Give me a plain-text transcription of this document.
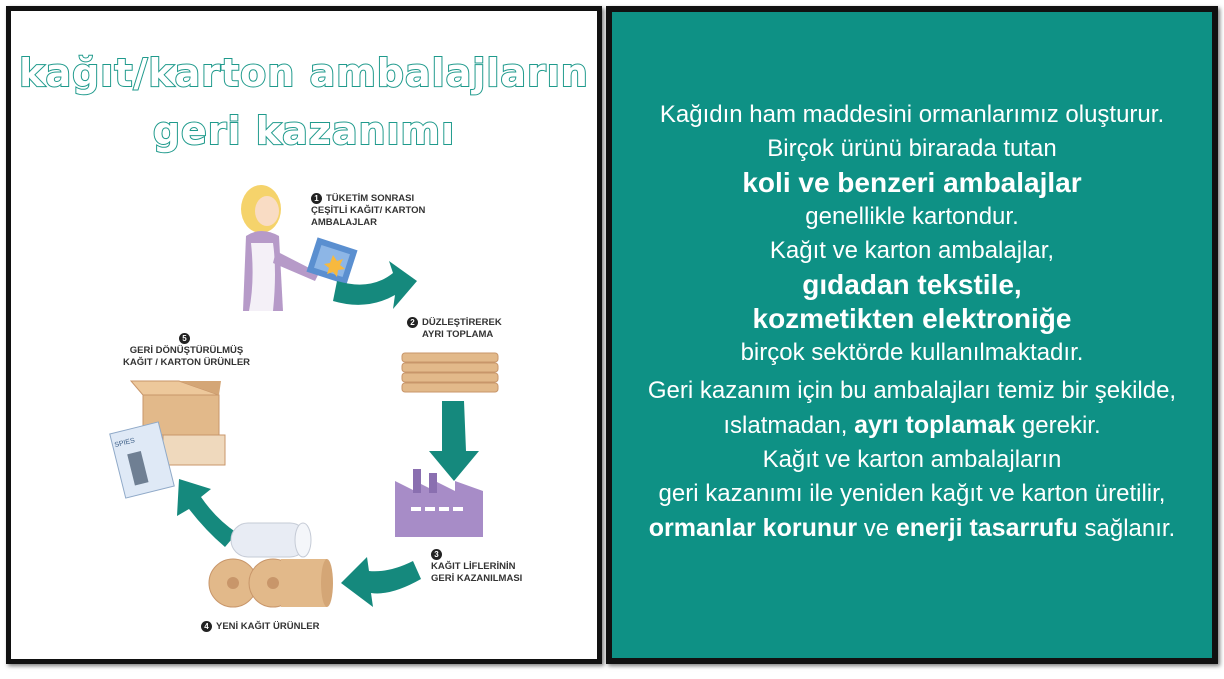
kağıt/karton ambalajların
geri kazanımı
SPIES
1 TÜKETİM SONRASI
ÇEŞİTLİ KAĞIT/ KARTON
AMBALAJLAR
2 DÜZLEŞTİREREK
AYRI TOPLAMA
3
KAĞIT LİFLERİNİN
GERİ KAZANILMASI
4 YENİ KAĞIT ÜRÜNLER
5
GERİ DÖNÜŞTÜRÜLMÜŞ
KAĞIT / KARTON ÜRÜNLER
Kağıdın ham maddesini ormanlarımız oluşturur.
Birçok ürünü birarada tutan
koli ve benzeri ambalajlar
genellikle kartondur.
Kağıt ve karton ambalajlar,
gıdadan tekstile,
kozmetikten elektroniğe
birçok sektörde kullanılmaktadır.
Geri kazanım için bu ambalajları temiz bir şekilde,
ıslatmadan, ayrı toplamak gerekir.
Kağıt ve karton ambalajların
geri kazanımı ile yeniden kağıt ve karton üretilir,
ormanlar korunur ve enerji tasarrufu sağlanır.
